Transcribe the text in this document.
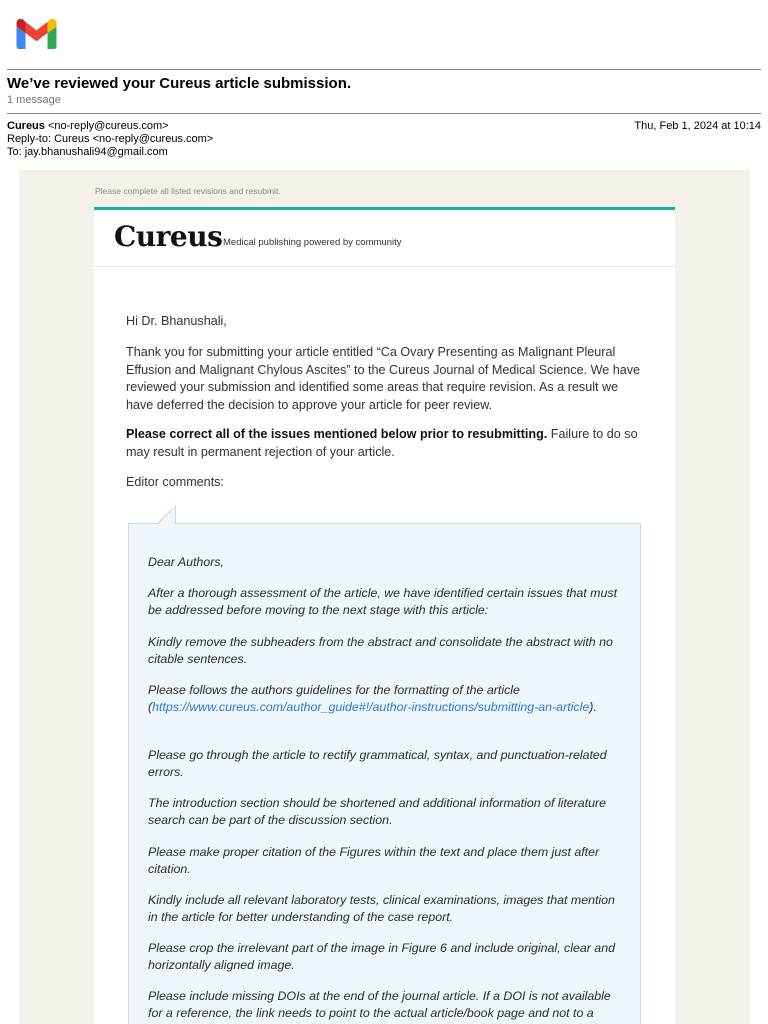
We’ve reviewed your Cureus article submission.
1 message
Cureus <no-reply@cureus.com>
Reply-to: Cureus <no-reply@cureus.com>
To: jay.bhanushali94@gmail.com
Thu, Feb 1, 2024 at 10:14
Please complete all listed revisions and resubmit.
Cureus Medical publishing powered by community
Hi Dr. Bhanushali,
Thank you for submitting your article entitled “Ca Ovary Presenting as Malignant Pleural Effusion and Malignant Chylous Ascites” to the Cureus Journal of Medical Science. We have reviewed your submission and identified some areas that require revision. As a result we have deferred the decision to approve your article for peer review.
Please correct all of the issues mentioned below prior to resubmitting. Failure to do so may result in permanent rejection of your article.
Editor comments:
Dear Authors,
After a thorough assessment of the article, we have identified certain issues that must be addressed before moving to the next stage with this article:
Kindly remove the subheaders from the abstract and consolidate the abstract with no citable sentences.
Please follows the authors guidelines for the formatting of the article (https://www.cureus.com/author_guide#!/author-instructions/submitting-an-article).
Please go through the article to rectify grammatical, syntax, and punctuation-related errors.
The introduction section should be shortened and additional information of literature search can be part of the discussion section.
Please make proper citation of the Figures within the text and place them just after citation.
Kindly include all relevant laboratory tests, clinical examinations, images that mention in the article for better understanding of the case report.
Please crop the irrelevant part of the image in Figure 6 and include original, clear and horizontally aligned image.
Please include missing DOIs at the end of the journal article. If a DOI is not available for a reference, the link needs to point to the actual article/book page and not to a
